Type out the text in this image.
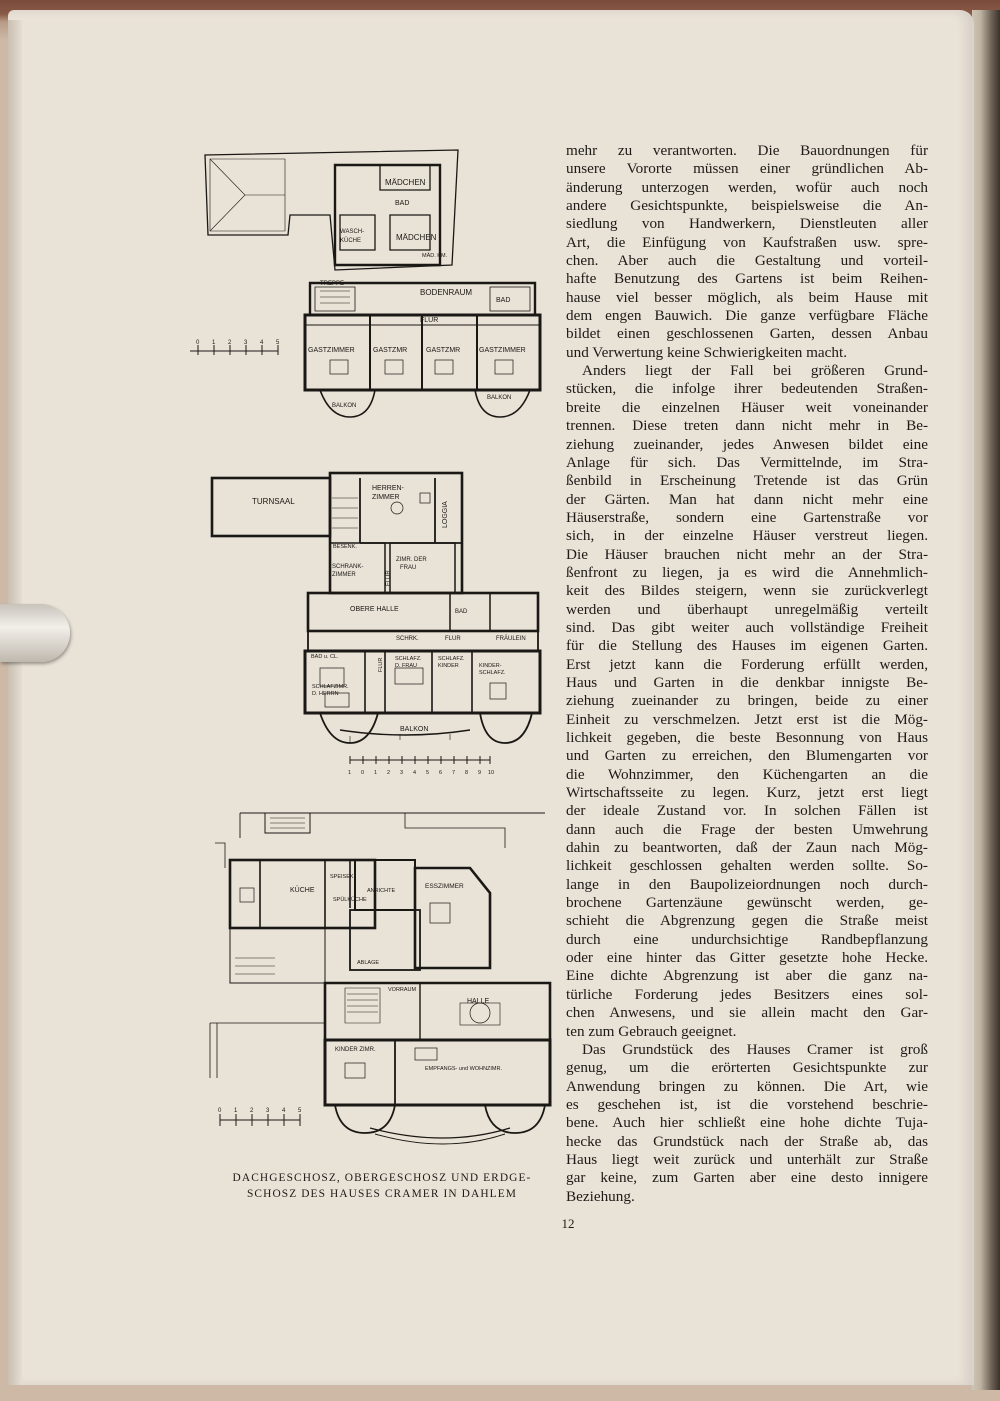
MÄDCHEN
BAD
WASCH-
KÜCHE	MÄDCHEN
MÄD. KM.
BODENRAUM
BAD
TREPPE
FLUR
GASTZIMMER	GASTZMR	GASTZMR	GASTZIMMER
BALKON
BALKON
0 1 2 3 4 5
TURNSAAL
HERREN-
ZIMMER
LOGGIA
BESENK.
SCHRANK-
ZIMMER
ZIMR. DER
FRAU
FLUR
OBERE HALLE	BAD
SCHRK.	FLUR	FRÄULEIN
BAD u. CL.
FLUR SCHLAFZ.
D. FRAU
SCHLAFZ.
KINDER	KINDER-
SCHLAFZ.
SCHLAFZIMR.
D. HERRN
BALKON
1 0 1 2 3 4 5 6 7 8 9 10
KÜCHE
SPEISEK.
SPÜLKÜCHE
ANRICHTE
ESSZIMMER
ABLAGE
VORRAUM
HALLE
KINDER ZIMR.
EMPFANGS- und WOHNZIMR.
0 1 2 3 4 5
DACHGESCHOSZ, OBERGESCHOSZ UND ERDGE-
SCHOSZ DES HAUSES CRAMER IN DAHLEM

mehr zu verantworten. Die Bauordnungen für

unsere Vororte müssen einer gründlichen Ab-

änderung unterzogen werden, wofür auch noch

andere Gesichtspunkte, beispielsweise die An-

siedlung von Handwerkern, Dienstleuten aller

Art, die Einfügung von Kaufstraßen usw. spre-

chen. Aber auch die Gestaltung und vorteil-

hafte Benutzung des Gartens ist beim Reihen-

hause viel besser möglich, als beim Hause mit

dem engen Bauwich. Die ganze verfügbare Fläche

bildet einen geschlossenen Garten, dessen Anbau

und Verwertung keine Schwierigkeiten macht.

Anders liegt der Fall bei größeren Grund-

stücken, die infolge ihrer bedeutenden Straßen-

breite die einzelnen Häuser weit voneinander

trennen. Diese treten dann nicht mehr in Be-

ziehung zueinander, jedes Anwesen bildet eine

Anlage für sich. Das Vermittelnde, im Stra-

ßenbild in Erscheinung Tretende ist das Grün

der Gärten. Man hat dann nicht mehr eine

Häuserstraße, sondern eine Gartenstraße vor

sich, in der einzelne Häuser verstreut liegen.

Die Häuser brauchen nicht mehr an der Stra-

ßenfront zu liegen, ja es wird die Annehmlich-

keit des Bildes steigern, wenn sie zurückverlegt

werden und überhaupt unregelmäßig verteilt

sind. Das gibt weiter auch vollständige Freiheit

für die Stellung des Hauses im eigenen Garten.

Erst jetzt kann die Forderung erfüllt werden,

Haus und Garten in die denkbar innigste Be-

ziehung zueinander zu bringen, beide zu einer

Einheit zu verschmelzen. Jetzt erst ist die Mög-

lichkeit gegeben, die beste Besonnung von Haus

und Garten zu erreichen, den Blumengarten vor

die Wohnzimmer, den Küchengarten an die

Wirtschaftsseite zu legen. Kurz, jetzt erst liegt

der ideale Zustand vor. In solchen Fällen ist

dann auch die Frage der besten Umwehrung

dahin zu beantworten, daß der Zaun nach Mög-

lichkeit geschlossen gehalten werden sollte. So-

lange in den Baupolizeiordnungen noch durch-

brochene Gartenzäune gewünscht werden, ge-

schieht die Abgrenzung gegen die Straße meist

durch eine undurchsichtige Randbepflanzung

oder eine hinter das Gitter gesetzte hohe Hecke.

Eine dichte Abgrenzung ist aber die ganz na-

türliche Forderung jedes Besitzers eines sol-

chen Anwesens, und sie allein macht den Gar-

ten zum Gebrauch geeignet.

Das Grundstück des Hauses Cramer ist groß

genug, um die erörterten Gesichtspunkte zur

Anwendung bringen zu können. Die Art, wie

es geschehen ist, ist die vorstehend beschrie-

bene. Auch hier schließt eine hohe dichte Tuja-

hecke das Grundstück nach der Straße ab, das

Haus liegt weit zurück und unterhält zur Straße

gar keine, zum Garten aber eine desto innigere

Beziehung.

12
